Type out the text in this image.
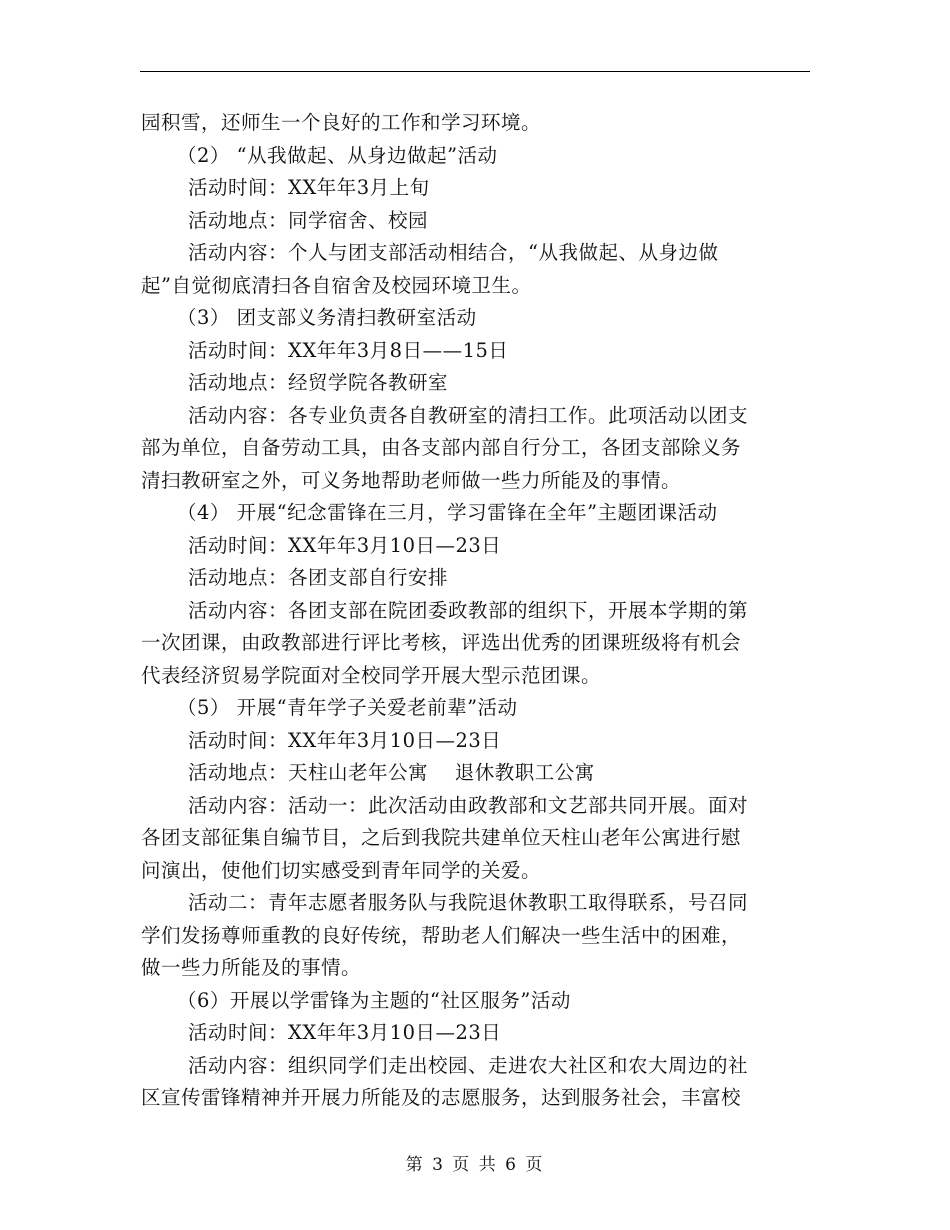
园积雪，还师生一个良好的工作和学习环境。
（2） “从我做起、从身边做起”活动
活动时间：XX年年3月上旬
活动地点：同学宿舍、校园
活动内容：个人与团支部活动相结合，“从我做起、从身边做
起”自觉彻底清扫各自宿舍及校园环境卫生。
（3） 团支部义务清扫教研室活动
活动时间：XX年年3月8日——15日
活动地点：经贸学院各教研室
活动内容：各专业负责各自教研室的清扫工作。此项活动以团支
部为单位，自备劳动工具，由各支部内部自行分工，各团支部除义务
清扫教研室之外，可义务地帮助老师做一些力所能及的事情。
（4） 开展“纪念雷锋在三月，学习雷锋在全年”主题团课活动
活动时间：XX年年3月10日—23日
活动地点：各团支部自行安排
活动内容：各团支部在院团委政教部的组织下，开展本学期的第
一次团课，由政教部进行评比考核，评选出优秀的团课班级将有机会
代表经济贸易学院面对全校同学开展大型示范团课。
（5） 开展“青年学子关爱老前辈”活动
活动时间：XX年年3月10日—23日
活动地点：天柱山老年公寓    退休教职工公寓
活动内容：活动一：此次活动由政教部和文艺部共同开展。面对
各团支部征集自编节目，之后到我院共建单位天柱山老年公寓进行慰
问演出，使他们切实感受到青年同学的关爱。
活动二：青年志愿者服务队与我院退休教职工取得联系，号召同
学们发扬尊师重教的良好传统，帮助老人们解决一些生活中的困难，
做一些力所能及的事情。
（6）开展以学雷锋为主题的“社区服务”活动
活动时间：XX年年3月10日—23日
活动内容：组织同学们走出校园、走进农大社区和农大周边的社
区宣传雷锋精神并开展力所能及的志愿服务，达到服务社会，丰富校
第 3 页 共 6 页
